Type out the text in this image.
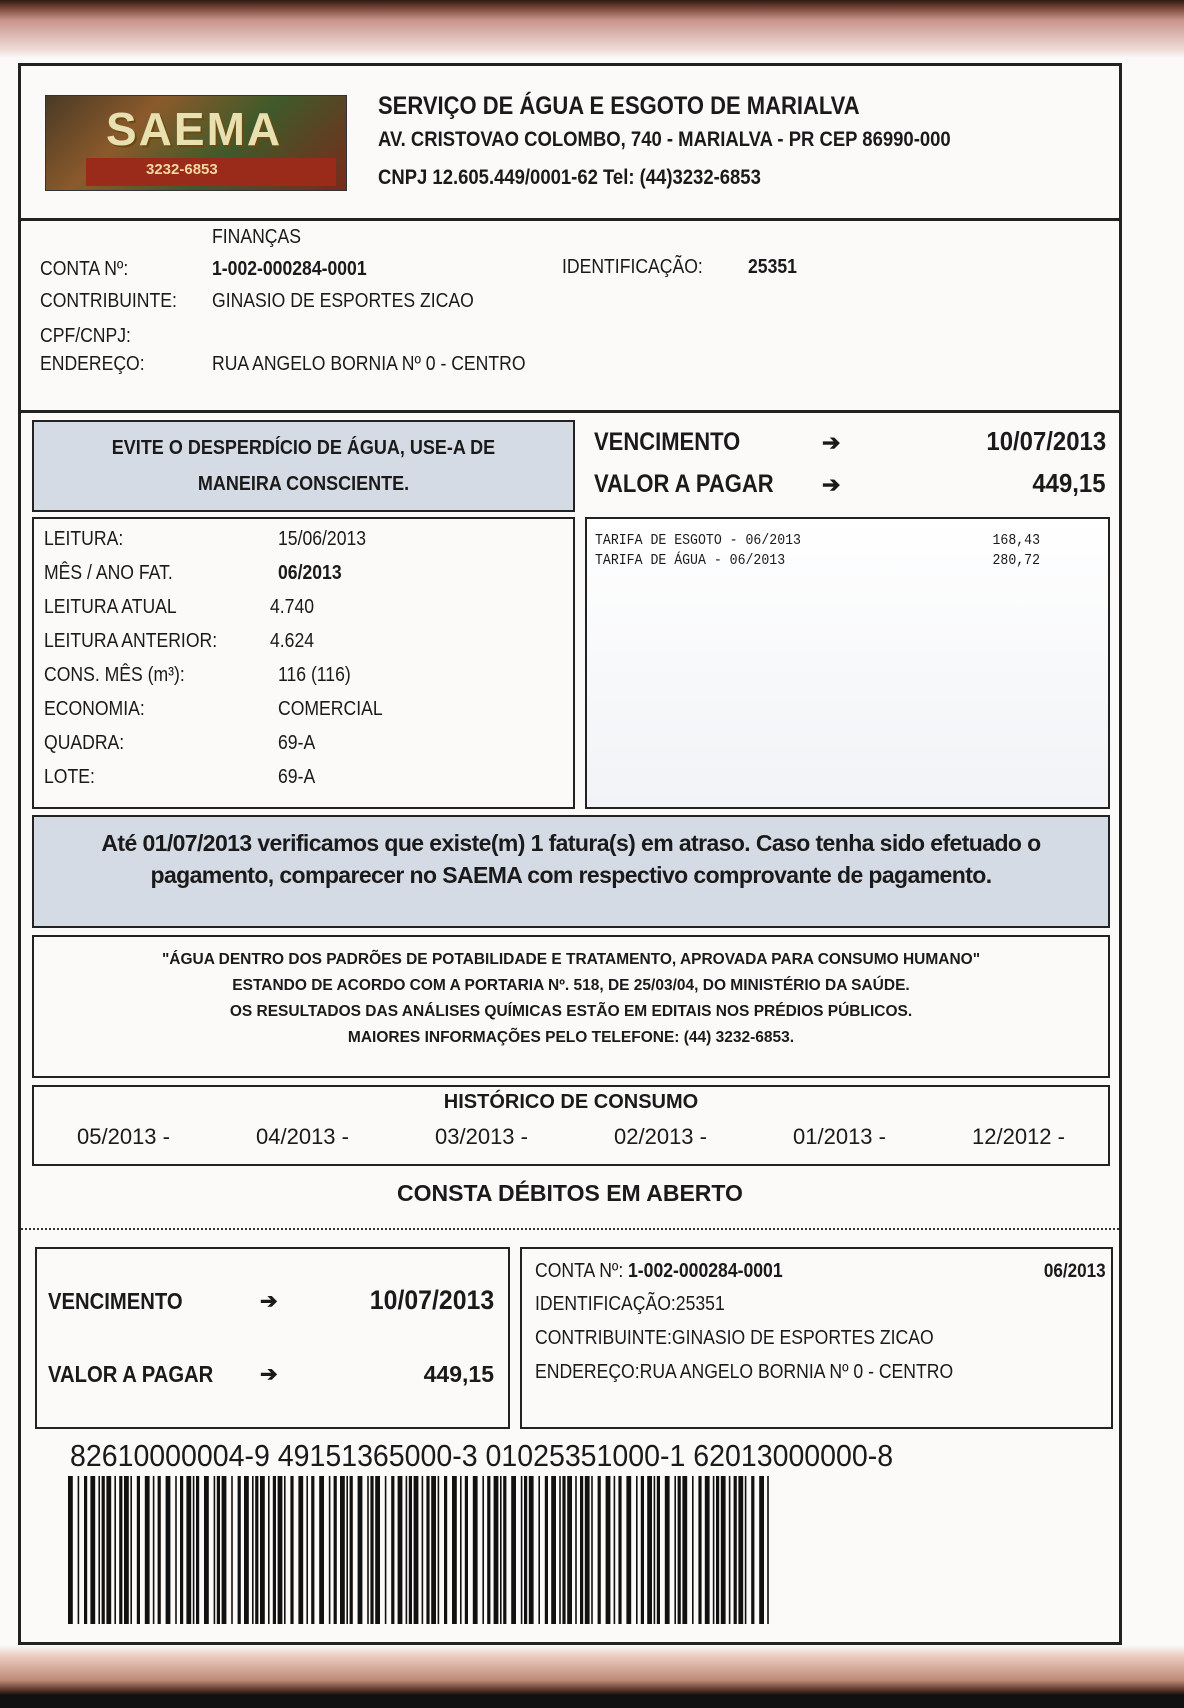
SAEMA
3232-6853
SERVIÇO DE ÁGUA E ESGOTO DE MARIALVA
AV. CRISTOVAO COLOMBO, 740 - MARIALVA - PR CEP 86990-000
CNPJ 12.605.449/0001-62 Tel: (44)3232-6853
FINANÇAS
CONTA Nº:	1-002-000284-0001	IDENTIFICAÇÃO: 25351
CONTRIBUINTE: GINASIO DE ESPORTES ZICAO
CPF/CNPJ:
ENDEREÇO:	RUA ANGELO BORNIA Nº 0 - CENTRO
EVITE O DESPERDÍCIO DE ÁGUA, USE-A DE MANEIRA CONSCIENTE.
VENCIMENTO	➔	10/07/2013
VALOR A PAGAR ➔	449,15
LEITURA:	15/06/2013
MÊS / ANO FAT.	06/2013
LEITURA ATUAL	4.740
LEITURA ANTERIOR:	4.624
CONS. MÊS (m³):	116 (116)
ECONOMIA:	COMERCIAL
QUADRA:	69-A
LOTE:	69-A
TARIFA DE ESGOTO - 06/2013	168,43
TARIFA DE ÁGUA - 06/2013	280,72
Até 01/07/2013 verificamos que existe(m) 1 fatura(s) em atraso. Caso tenha sido efetuado o pagamento, comparecer no SAEMA com respectivo comprovante de pagamento.
"ÁGUA DENTRO DOS PADRÕES DE POTABILIDADE E TRATAMENTO, APROVADA PARA CONSUMO HUMANO"
ESTANDO DE ACORDO COM A PORTARIA Nº. 518, DE 25/03/04, DO MINISTÉRIO DA SAÚDE.
OS RESULTADOS DAS ANÁLISES QUÍMICAS ESTÃO EM EDITAIS NOS PRÉDIOS PÚBLICOS.
MAIORES INFORMAÇÕES PELO TELEFONE: (44) 3232-6853.
HISTÓRICO DE CONSUMO
05/2013 -	04/2013 -	03/2013 -	02/2013 -	01/2013 -	12/2012 -
CONSTA DÉBITOS EM ABERTO
VENCIMENTO	➔	10/07/2013
VALOR A PAGAR ➔	449,15
CONTA Nº: 1-002-000284-0001	06/2013
IDENTIFICAÇÃO:25351
CONTRIBUINTE:GINASIO DE ESPORTES ZICAO
ENDEREÇO:RUA ANGELO BORNIA Nº 0 - CENTRO
82610000004-9 49151365000-3 01025351000-1 62013000000-8
